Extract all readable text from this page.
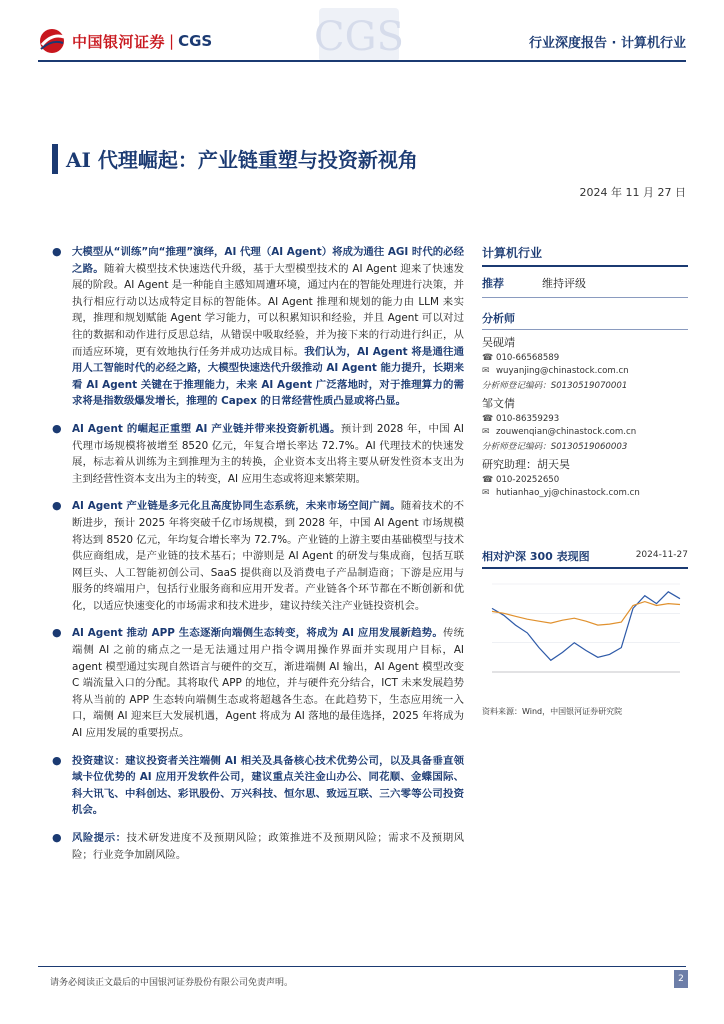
中国银河证券 | CGS	CGS	行业深度报告 · 计算机行业
AI 代理崛起：产业链重塑与投资新视角
2024 年 11 月 27 日
● 大模型从“训练”向“推理”演绎，AI 代理（AI Agent）将成为通往 AGI 时代的必经之路。随着大模型技术快速迭代升级，基于大型模型技术的 AI Agent 迎来了快速发展的阶段。AI Agent 是一种能自主感知周遭环境，通过内在的智能处理进行决策，并执行相应行动以达成特定目标的智能体。AI Agent 推理和规划的能力由 LLM 来实现，推理和规划赋能 Agent 学习能力，可以积累知识和经验，并且 Agent 可以对过往的数据和动作进行反思总结，从错误中吸取经验，并为接下来的行动进行纠正，从而适应环境，更有效地执行任务并成功达成目标。我们认为，AI Agent 将是通往通用人工智能时代的必经之路，大模型快速迭代升级推动 AI Agent 能力提升，长期来看 AI Agent 关键在于推理能力，未来 AI Agent 广泛落地时，对于推理算力的需求将是指数级爆发增长，推理的 Capex 的日常经营性质凸显或将凸显。
● AI Agent 的崛起正重塑 AI 产业链并带来投资新机遇。预计到 2028 年，中国 AI 代理市场规模将被增至 8520 亿元，年复合增长率达 72.7%。AI 代理技术的快速发展，标志着从训练为主到推理为主的转换，企业资本支出将主要从研发性资本支出为主到经营性资本支出为主的转变，AI 应用生态或将迎来繁荣期。
● AI Agent 产业链是多元化且高度协同生态系统，未来市场空间广阔。随着技术的不断进步，预计 2025 年将突破千亿市场规模，到 2028 年，中国 AI Agent 市场规模将达到 8520 亿元，年均复合增长率为 72.7%。产业链的上游主要由基础模型与技术供应商组成，是产业链的技术基石；中游则是 AI Agent 的研发与集成商，包括互联网巨头、人工智能初创公司、SaaS 提供商以及消费电子产品制造商；下游是应用与服务的终端用户，包括行业服务商和应用开发者。产业链各个环节都在不断创新和优化，以适应快速变化的市场需求和技术进步，建议持续关注产业链投资机会。
● AI Agent 推动 APP 生态逐渐向端侧生态转变，将成为 AI 应用发展新趋势。传统端侧 AI 之前的痛点之一是无法通过用户指令调用操作界面并实现用户目标，AI agent 模型通过实现自然语言与硬件的交互，渐进端侧 AI 输出，AI Agent 模型改变 C 端流量入口的分配。其将取代 APP 的地位，并与硬件充分结合，ICT 未来发展趋势将从当前的 APP 生态转向端侧生态或将超越各生态。在此趋势下，生态应用统一入口，端侧 AI 迎来巨大发展机遇，Agent 将成为 AI 落地的最佳选择，2025 年将成为 AI 应用发展的重要拐点。
● 投资建议：建议投资者关注端侧 AI 相关及具备核心技术优势公司，以及具备垂直领域卡位优势的 AI 应用开发软件公司，建议重点关注金山办公、同花顺、金蝶国际、科大讯飞、中科创达、彩讯股份、万兴科技、恒尔思、致远互联、三六零等公司投资机会。
● 风险提示：技术研发进度不及预期风险；政策推进不及预期风险；需求不及预期风险；行业竞争加剧风险。
计算机行业
推荐	维持评级
分析师
吴砚靖
☎ 010-66568589
✉ wuyanjing@chinastock.com.cn
分析师登记编码：S0130519070001
邹文倩
☎ 010-86359293
✉ zouwenqian@chinastock.com.cn
分析师登记编码：S0130519060003
研究助理：胡天昊
☎ 010-20252650
✉ hutianhao_yj@chinastock.com.cn
相对沪深 300 表现图	2024-11-27
资料来源：Wind，中国银河证券研究院
请务必阅读正文最后的中国银河证券股份有限公司免责声明。	2
